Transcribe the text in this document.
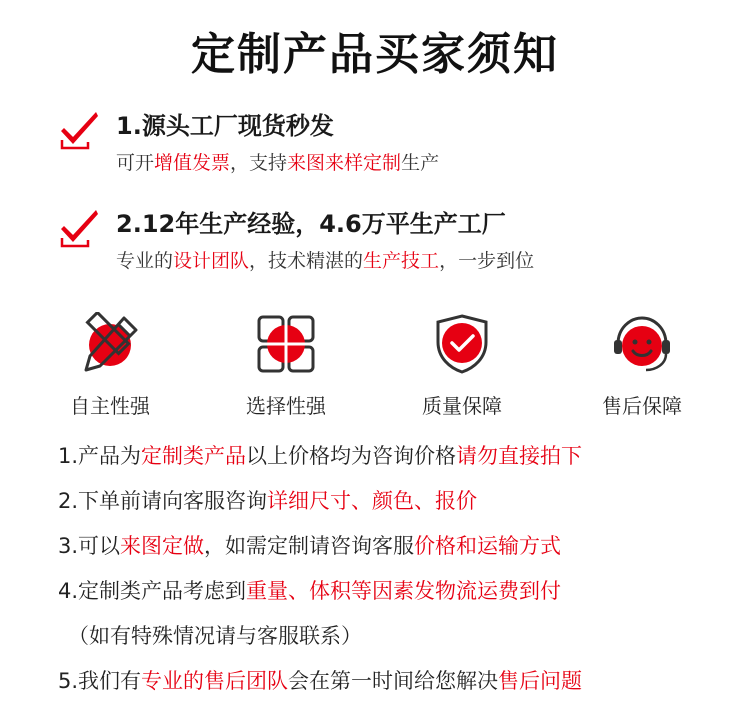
定制产品买家须知
1.源头工厂现货秒发
可开增值发票，支持来图来样定制生产
2.12年生产经验，4.6万平生产工厂
专业的设计团队，技术精湛的生产技工，一步到位
自主性强	选择性强	质量保障	售后保障
1.产品为定制类产品以上价格均为咨询价格请勿直接拍下
2.下单前请向客服咨询详细尺寸、颜色、报价
3.可以来图定做，如需定制请咨询客服价格和运输方式
4.定制类产品考虑到重量、体积等因素发物流运费到付
（如有特殊情况请与客服联系）
5.我们有专业的售后团队会在第一时间给您解决售后问题
